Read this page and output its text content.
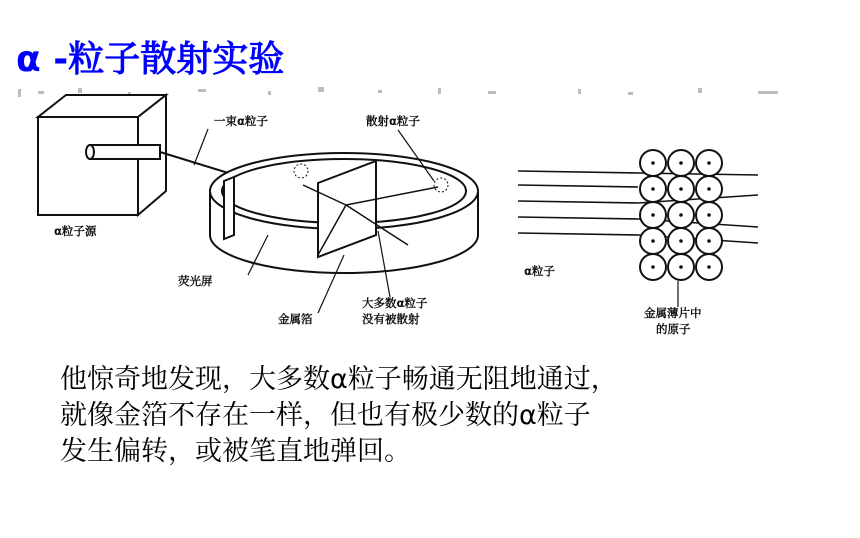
α -粒子散射实验
一束α粒子	散射α粒子
α粒子源
荧光屏
金属箔
大多数α粒子
没有被散射
α粒子
金属薄片中
的原子

他惊奇地发现，大多数α粒子畅通无阻地通过，
就像金箔不存在一样，但也有极少数的α粒子
发生偏转，或被笔直地弹回。
